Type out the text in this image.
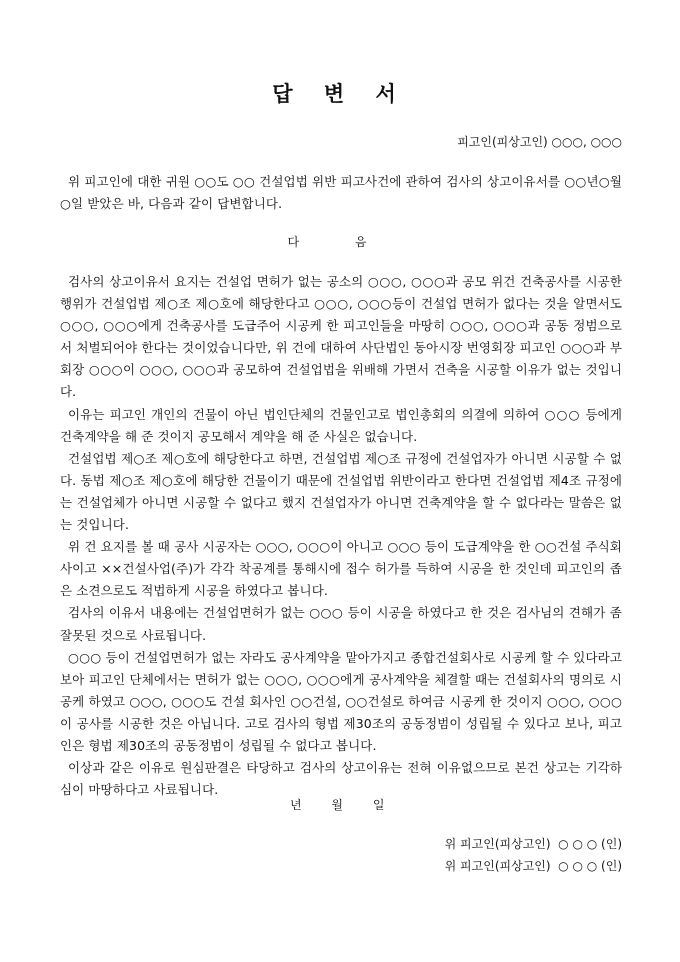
답 변 서

피고인(피상고인) ○○○, ○○○

위 피고인에 대한 귀원 ○○도 ○○ 건설업법 위반 피고사건에 관하여 검사의 상고이유서를 ○○년○월 ○일 받았은 바, 다음과 같이 답변합니다.

다 음

검사의 상고이유서 요지는 건설업 면허가 없는 공소의 ○○○, ○○○과 공모 위건 건축공사를 시공한행위가 건설업법 제○조 제○호에 해당한다고 ○○○, ○○○등이 건설업 면허가 없다는 것을 알면서도 ○○○, ○○○에게 건축공사를 도급주어 시공케 한 피고인들을 마땅히 ○○○, ○○○과 공동 정범으로서 처벌되어야 한다는 것이었습니다만, 위 건에 대하여 사단법인 동아시장 번영회장 피고인 ○○○과 부회장 ○○○이 ○○○, ○○○과 공모하여 건설업법을 위배해 가면서 건축을 시공할 이유가 없는 것입니다.

이유는 피고인 개인의 건물이 아닌 법인단체의 건물인고로 법인총회의 의결에 의하여 ○○○ 등에게 건축계약을 해 준 것이지 공모해서 계약을 해 준 사실은 없습니다.

건설업법 제○조 제○호에 해당한다고 하면, 건설업법 제○조 규정에 건설업자가 아니면 시공할 수 없다. 동법 제○조 제○호에 해당한 건물이기 때문에 건설업법 위반이라고 한다면 건설업법 제4조 규정에는 건설업체가 아니면 시공할 수 없다고 했지 건설업자가 아니면 건축계약을 할 수 없다라는 말씀은 없는 것입니다.

위 건 요지를 볼 때 공사 시공자는 ○○○, ○○○이 아니고 ○○○ 등이 도급계약을 한 ○○건설 주식회사이고 ××건설사업(주)가 각각 착공계를 통해시에 접수 허가를 득하여 시공을 한 것인데 피고인의 좁은 소견으로도 적법하게 시공을 하였다고 봅니다.

검사의 이유서 내용에는 건설업면허가 없는 ○○○ 등이 시공을 하였다고 한 것은 검사님의 견해가 좀 잘못된 것으로 사료됩니다.

○○○ 등이 건설업면허가 없는 자라도 공사계약을 맡아가지고 종합건설회사로 시공케 할 수 있다라고 보아 피고인 단체에서는 면허가 없는 ○○○, ○○○에게 공사계약을 체결할 때는 건설회사의 명의로 시공케 하였고 ○○○, ○○○도 건설 회사인 ○○건설, ○○건설로 하여금 시공케 한 것이지 ○○○, ○○○이 공사를 시공한 것은 아닙니다. 고로 검사의 형법 제30조의 공동정범이 성립될 수 있다고 보나, 피고인은 형법 제30조의 공동정범이 성립될 수 없다고 봅니다.

이상과 같은 이유로 원심판결은 타당하고 검사의 상고이유는 전혀 이유없으므로 본건 상고는 기각하심이 마땅하다고 사료됩니다.

년 월 일

위 피고인(피상고인)  ○ ○ ○ (인)
위 피고인(피상고인)  ○ ○ ○ (인)
